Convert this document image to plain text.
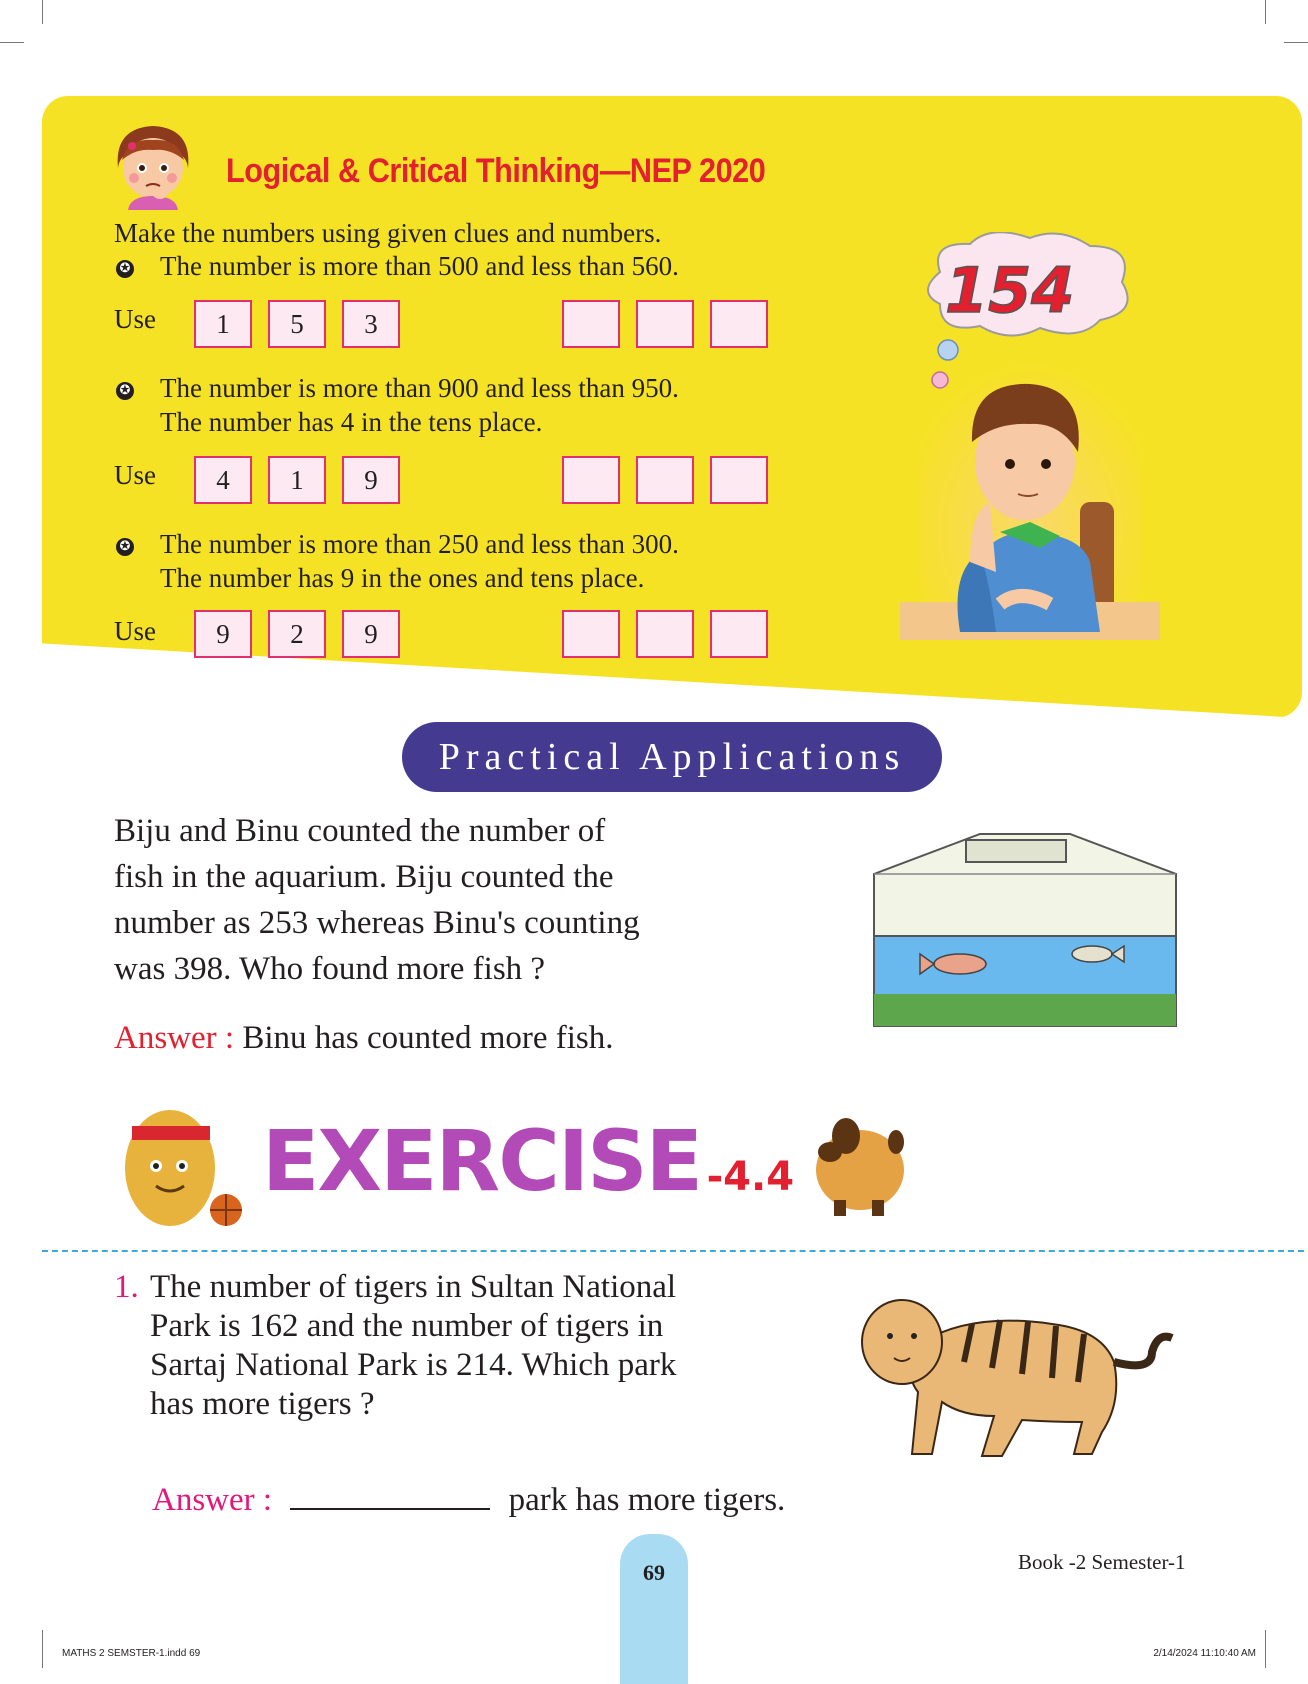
Logical & Critical Thinking—NEP 2020
Make the numbers using given clues and numbers.
✪ The number is more than 500 and less than 560.
Use	1	5	3
✪ The number is more than 900 and less than 950.
The number has 4 in the tens place.
Use	4	1	9
✪ The number is more than 250 and less than 300.
The number has 9 in the ones and tens place.
Use	9	2	9
154
Practical Applications
Biju and Binu counted the number of
fish in the aquarium. Biju counted the
number as 253 whereas Binu's counting
was 398. Who found more fish ?
Answer : Binu has counted more fish.
EXERCISE -4.4
1. The number of tigers in Sultan National
Park is 162 and the number of tigers in
Sartaj National Park is 214. Which park
has more tigers ?
Answer :	park has more tigers.
69	Book -2 Semester-1
MATHS 2 SEMSTER-1.indd 69	2/14/2024 11:10:40 AM
